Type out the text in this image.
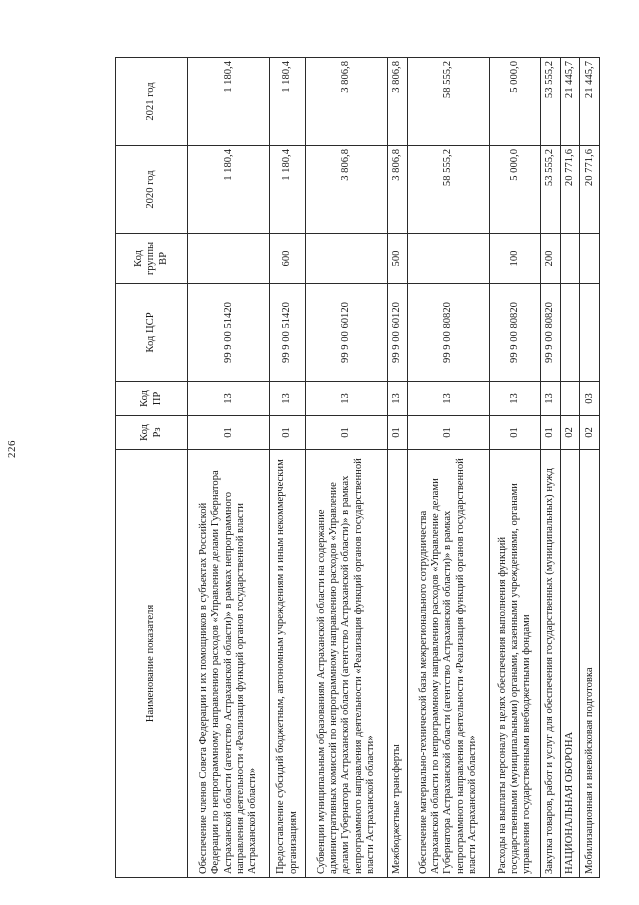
226
Наименование показателя	Код Рз	Код ПР	Код ЦСР	Код группы ВР	2020 год	2021 год
Обеспечение членов Совета Федерации и их помощников в субъектах Российской Федерации по непрограммному направлению расходов «Управление делами Губернатора Астраханской области (агентство Астраханской области)» в рамках непрограммного направления деятельности «Реализация функций органов государственной власти Астраханской области»	01	13	99 9 00 51420		1 180,4	1 180,4
Предоставление субсидий бюджетным, автономным учреждениям и иным некоммерческим организациям	01	13	99 9 00 51420	600	1 180,4	1 180,4
Субвенции муниципальным образованиям Астраханской области на содержание административных комиссий по непрограммному направлению расходов «Управление делами Губернатора Астраханской области (агентство Астраханской области)» в рамках непрограммного направления деятельности «Реализация функций органов государственной власти Астраханской области»	01	13	99 9 00 60120		3 806,8	3 806,8
Межбюджетные трансферты	01	13	99 9 00 60120	500	3 806,8	3 806,8
Обеспечение материально-технической базы межрегионального сотрудничества Астраханской области по непрограммному направлению расходов «Управление делами Губернатора Астраханской области (агентство Астраханской области)» в рамках непрограммного направления деятельности «Реализация функций органов государственной власти Астраханской области»	01	13	99 9 00 80820		58 555,2	58 555,2
Расходы на выплаты персоналу в целях обеспечения выполнения функций государственными (муниципальными) органами, казенными учреждениями, органами управления государственными внебюджетными фондами	01	13	99 9 00 80820	100	5 000,0	5 000,0
Закупка товаров, работ и услуг для обеспечения государственных (муниципальных) нужд	01	13	99 9 00 80820	200	53 555,2	53 555,2
НАЦИОНАЛЬНАЯ ОБОРОНА	02				20 771,6	21 445,7
Мобилизационная и вневойсковая подготовка	02	03			20 771,6	21 445,7
